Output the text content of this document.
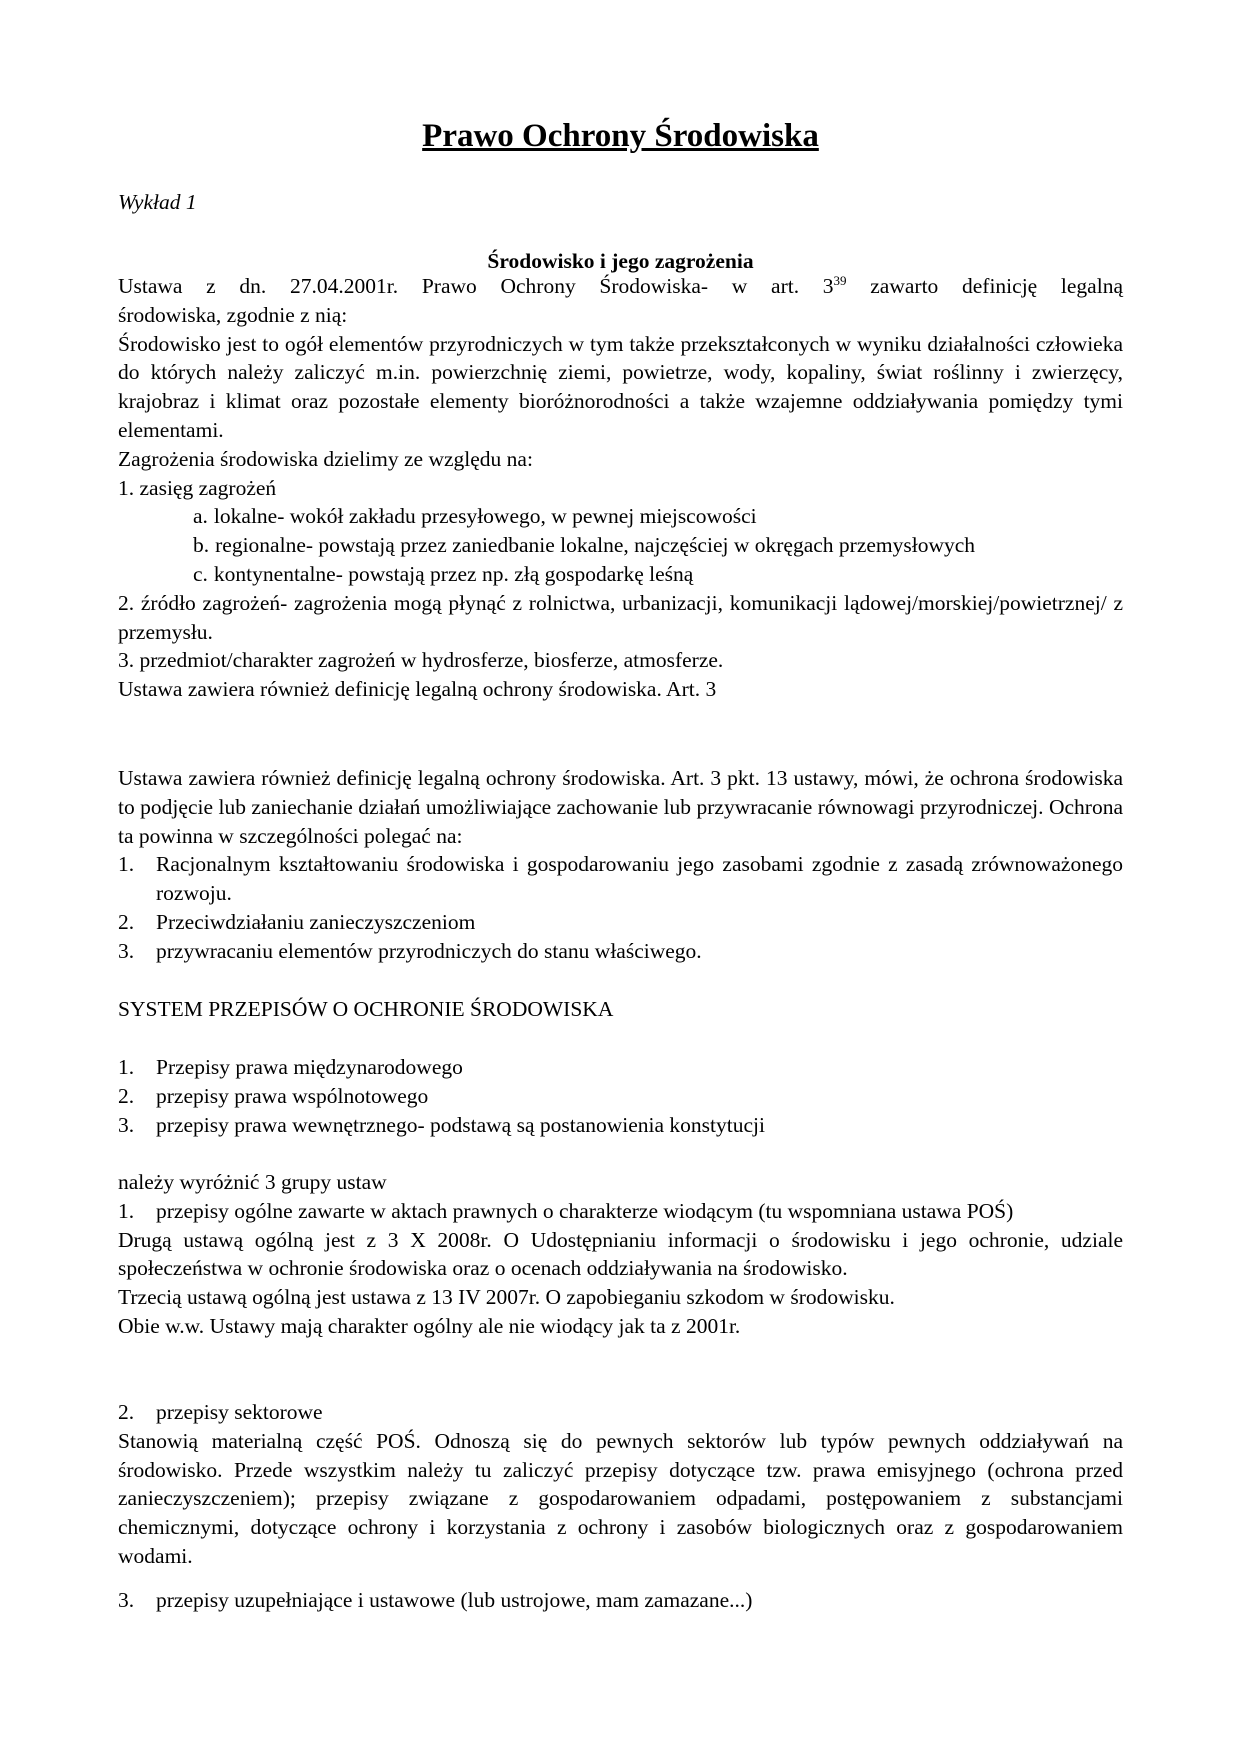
Prawo Ochrony Środowiska

Wykład 1

Środowisko i jego zagrożenia

Ustawa z dn. 27.04.2001r. Prawo Ochrony Środowiska- w art. $3^{39}$ zawarto definicję legalną

środowiska, zgodnie z nią:

Środowisko jest to ogół elementów przyrodniczych w tym także przekształconych w wyniku działalności człowieka do których należy zaliczyć m.in. powierzchnię ziemi, powietrze, wody, kopaliny, świat roślinny i zwierzęcy, krajobraz i klimat oraz pozostałe elementy bioróżnorodności a także wzajemne oddziaływania pomiędzy tymi elementami.

Zagrożenia środowiska dzielimy ze względu na:

1. zasięg zagrożeń

a. lokalne- wokół zakładu przesyłowego, w pewnej miejscowości
b. regionalne- powstają przez zaniedbanie lokalne, najczęściej w okręgach przemysłowych
c. kontynentalne- powstają przez np. złą gospodarkę leśną

2. źródło zagrożeń- zagrożenia mogą płynąć z rolnictwa, urbanizacji, komunikacji lądowej/morskiej/powietrznej/ z przemysłu.

3. przedmiot/charakter zagrożeń w hydrosferze, biosferze, atmosferze.

Ustawa zawiera również definicję legalną ochrony środowiska. Art. 3

Ustawa zawiera również definicję legalną ochrony środowiska. Art. 3 pkt. 13 ustawy, mówi, że ochrona środowiska to podjęcie lub zaniechanie działań umożliwiające zachowanie lub przywracanie równowagi przyrodniczej. Ochrona ta powinna w szczególności polegać na:

1. Racjonalnym kształtowaniu środowiska i gospodarowaniu jego zasobami zgodnie z zasadą zrównoważonego rozwoju.
2. Przeciwdziałaniu zanieczyszczeniom
3. przywracaniu elementów przyrodniczych do stanu właściwego.

SYSTEM PRZEPISÓW O OCHRONIE ŚRODOWISKA

1. Przepisy prawa międzynarodowego
2. przepisy prawa wspólnotowego
3. przepisy prawa wewnętrznego- podstawą są postanowienia konstytucji

należy wyróżnić 3 grupy ustaw

1. przepisy ogólne zawarte w aktach prawnych o charakterze wiodącym (tu wspomniana ustawa POŚ)

Drugą ustawą ogólną jest z 3 X 2008r. O Udostępnianiu informacji o środowisku i jego ochronie, udziale społeczeństwa w ochronie środowiska oraz o ocenach oddziaływania na środowisko.

Trzecią ustawą ogólną jest ustawa z 13 IV 2007r. O zapobieganiu szkodom w środowisku.

Obie w.w. Ustawy mają charakter ogólny ale nie wiodący jak ta z 2001r.

2. przepisy sektorowe

Stanowią materialną część POŚ. Odnoszą się do pewnych sektorów lub typów pewnych oddziaływań na środowisko. Przede wszystkim należy tu zaliczyć przepisy dotyczące tzw. prawa emisyjnego (ochrona przed zanieczyszczeniem); przepisy związane z gospodarowaniem odpadami, postępowaniem z substancjami chemicznymi, dotyczące ochrony i korzystania z ochrony i zasobów biologicznych oraz z gospodarowaniem wodami.

3. przepisy uzupełniające i ustawowe (lub ustrojowe, mam zamazane...)
